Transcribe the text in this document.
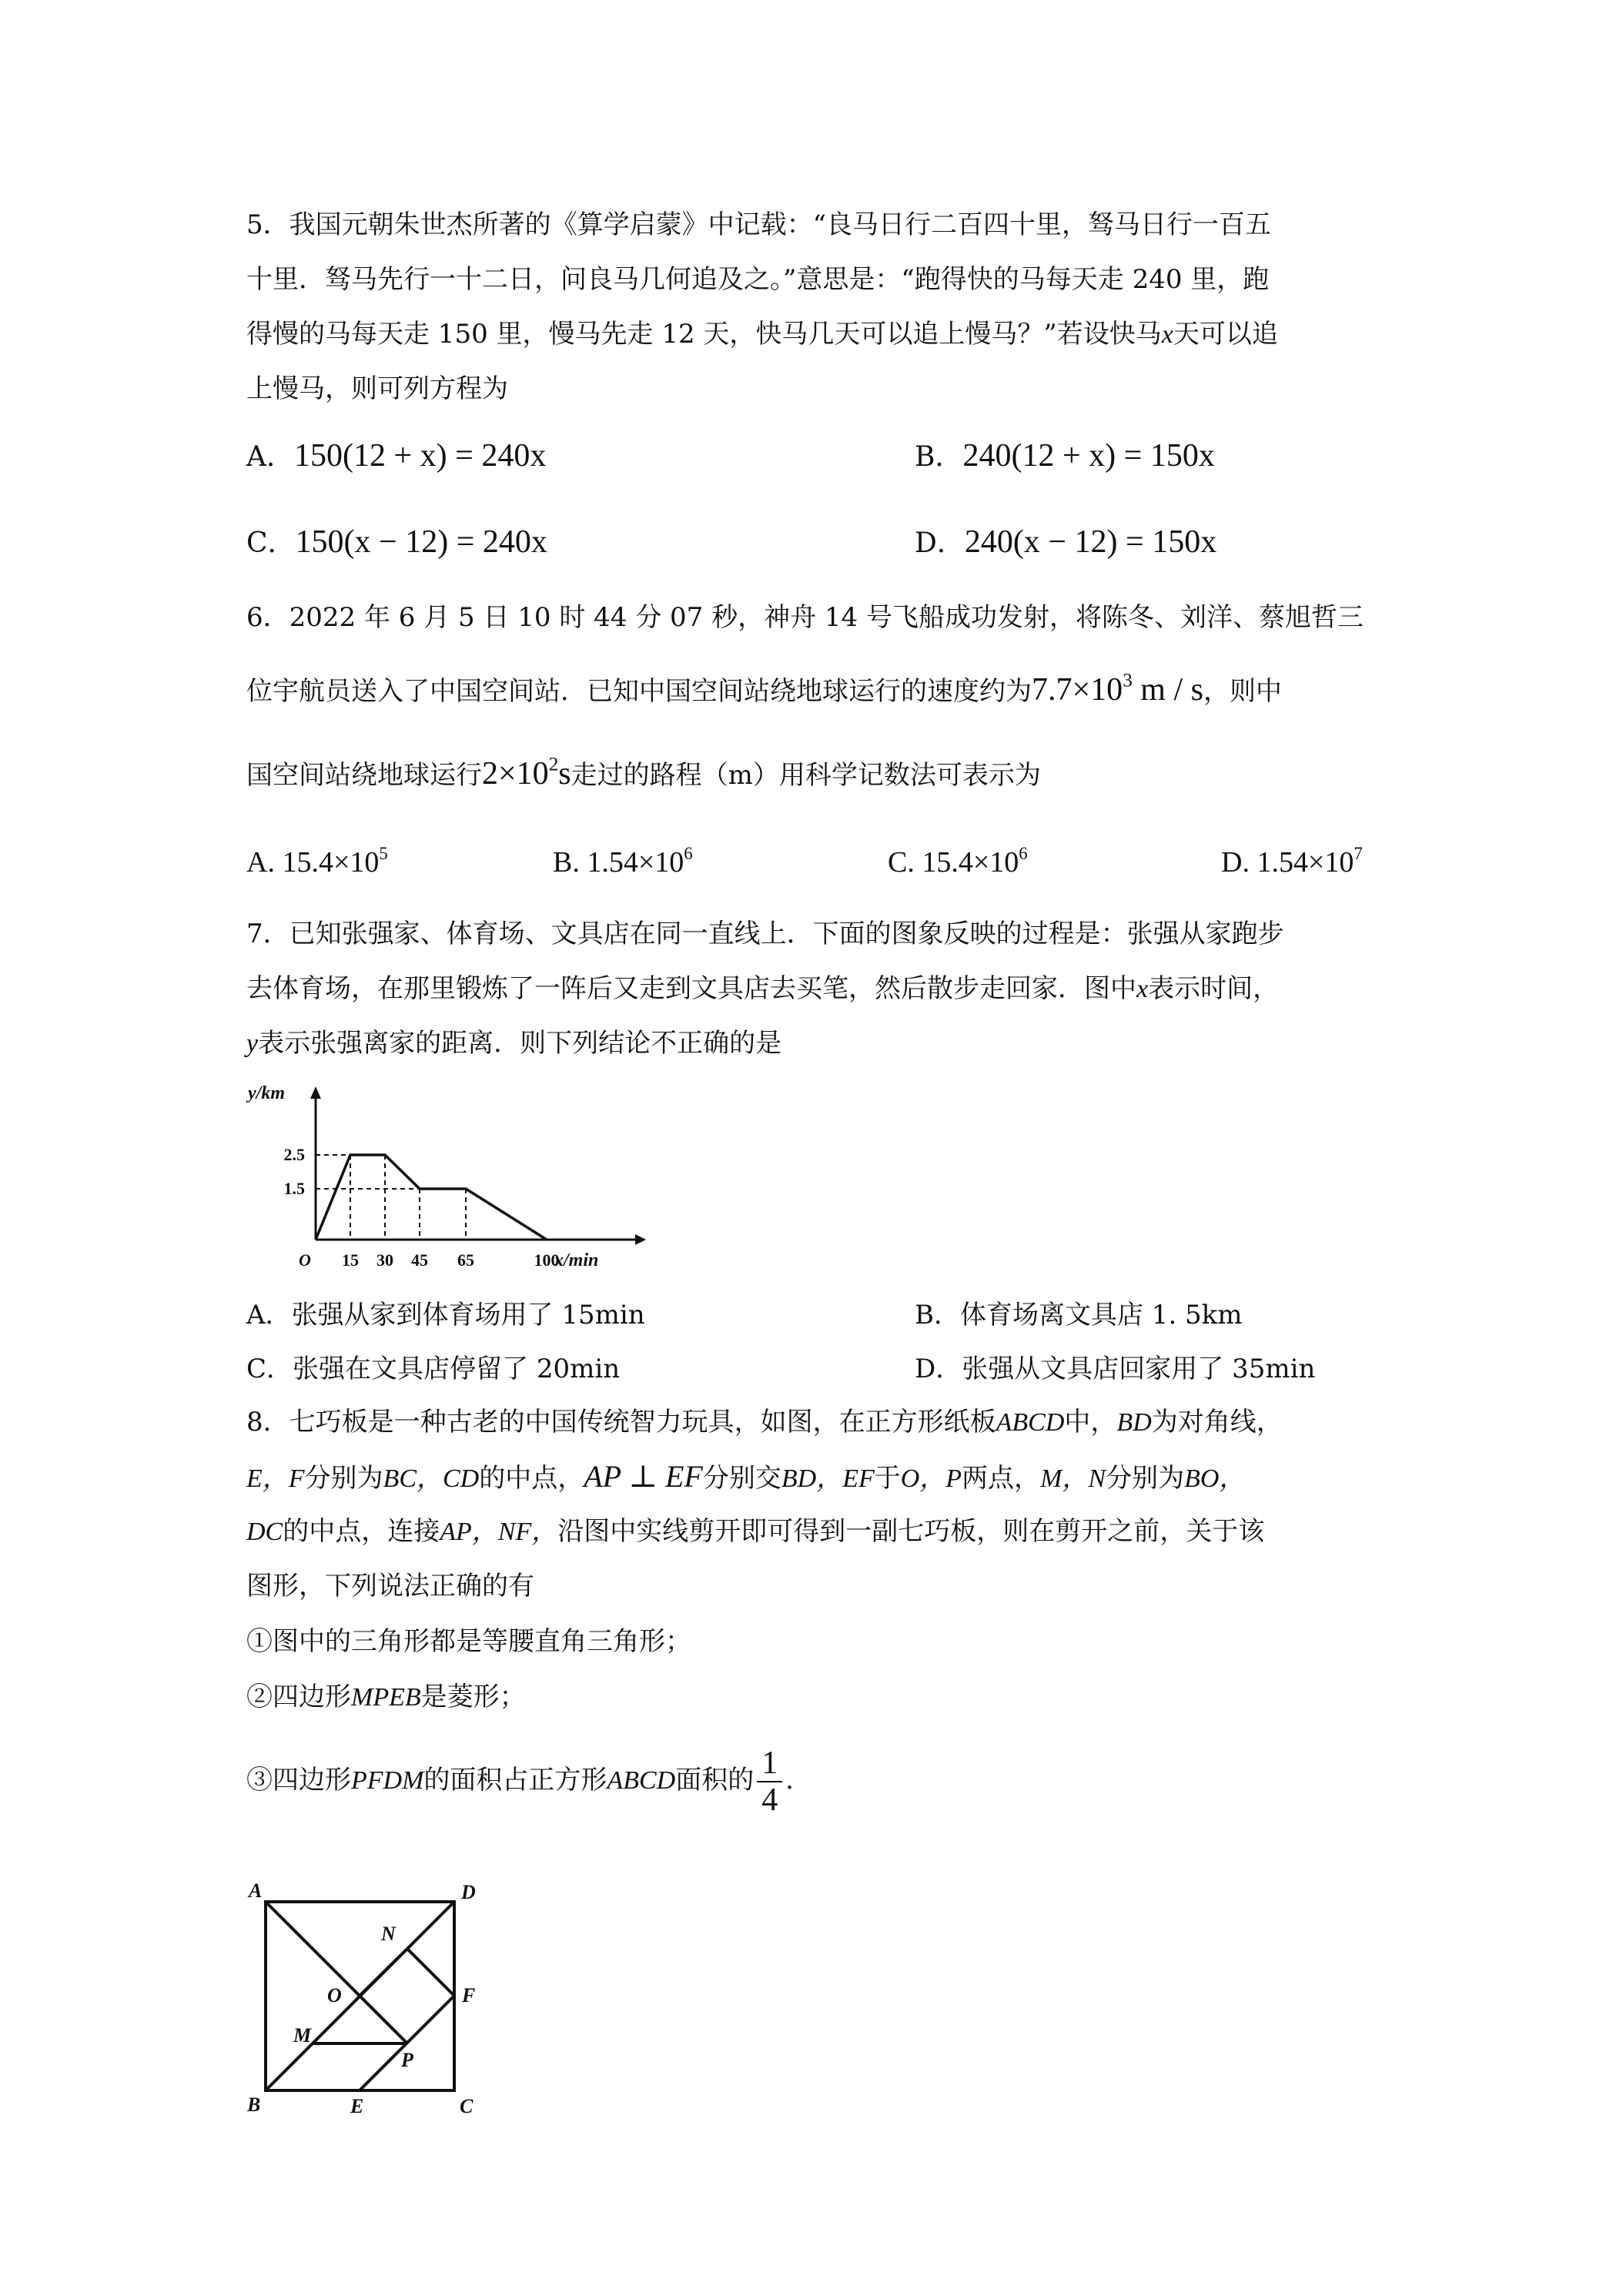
5．我国元朝朱世杰所著的《算学启蒙》中记载：“良马日行二百四十里，驽马日行一百五
十里．驽马先行一十二日，问良马几何追及之。”意思是：“跑得快的马每天走 240 里，跑
得慢的马每天走 150 里，慢马先走 12 天，快马几天可以追上慢马？”若设快马x天可以追
上慢马，则可列方程为
A．150(12 + x) = 240x	B．240(12 + x) = 150x
C．150(x − 12) = 240x	D．240(x − 12) = 150x
6．2022 年 6 月 5 日 10 时 44 分 07 秒，神舟 14 号飞船成功发射，将陈冬、刘洋、蔡旭哲三
位宇航员送入了中国空间站．已知中国空间站绕地球运行的速度约为$7.7\times 10^3$ m / s，则中
国空间站绕地球运行$2\times 10^2s$走过的路程（m）用科学记数法可表示为
A. $15.4\times 10^5$	B. $1.54\times 10^6$	C. $15.4\times 10^6$	D. $1.54\times 10^7$
7．已知张强家、体育场、文具店在同一直线上．下面的图象反映的过程是：张强从家跑步
去体育场，在那里锻炼了一阵后又走到文具店去买笔，然后散步走回家．图中x表示时间，
y表示张强离家的距离．则下列结论不正确的是
15 30 45 65	100
2.5
1.5
O	x/min
y/km
A．张强从家到体育场用了 15min	B．体育场离文具店 1. 5km
C．张强在文具店停留了 20min	D．张强从文具店回家用了 35min
8．七巧板是一种古老的中国传统智力玩具，如图，在正方形纸板ABCD中，BD为对角线，
E，F分别为BC，CD的中点，AP ⊥ EF分别交BD，EF于O，P两点，M，N分别为BO，
DC的中点，连接AP，NF，沿图中实线剪开即可得到一副七巧板，则在剪开之前，关于该
图形，下列说法正确的有
①图中的三角形都是等腰直角三角形；
②四边形MPEB是菱形；
③四边形PFDM的面积占正方形ABCD面积的 $\frac{1}{4}$ ．
A	D
B	C
E
F
N
O
M
P
